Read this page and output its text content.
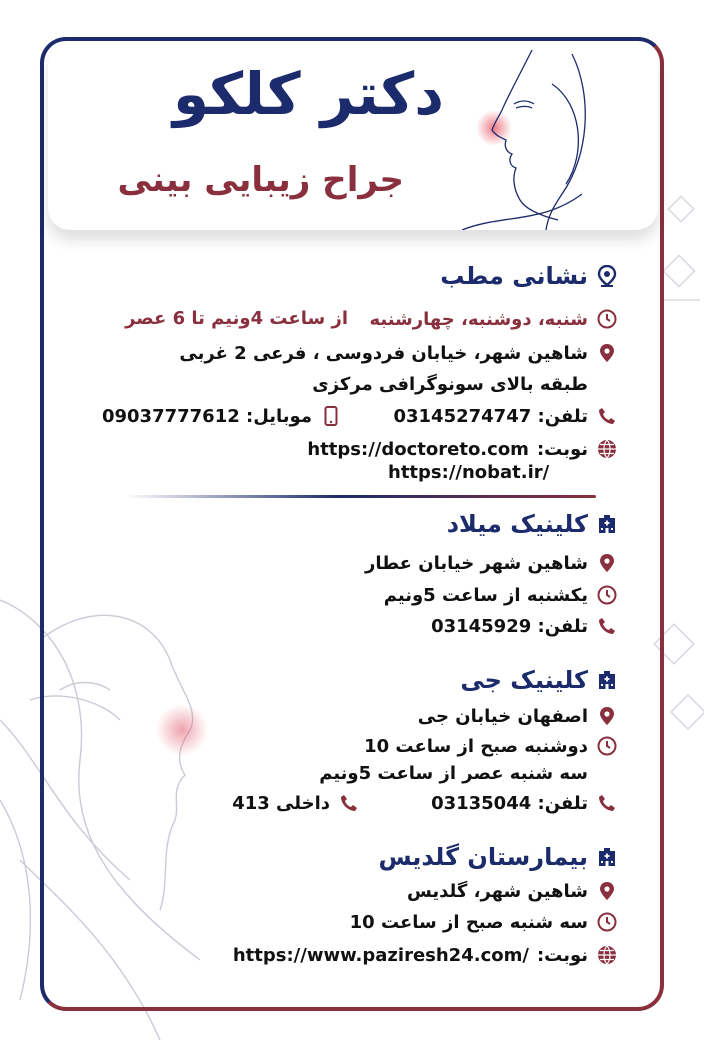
دکتر کلکو
جراح زیبایی بینی
نشانی مطب
شنبه، دوشنبه، چهارشنبه
از ساعت 4ونیم تا 6 عصر
شاهین شهر، خیابان فردوسی ، فرعی 2 غربی
طبقه بالای سونوگرافی مرکزی
تلفن: 03145274747
موبایل: 09037777612
نوبت:
https://doctoreto.com
https://nobat.ir/
کلینیک میلاد
شاهین شهر خیابان عطار
یکشنبه از ساعت 5ونیم
تلفن: 03145929
کلینیک جی
اصفهان خیابان جی
دوشنبه صبح از ساعت 10
سه شنبه عصر از ساعت 5ونیم
تلفن: 03135044
داخلی 413
بیمارستان گلدیس
شاهین شهر، گلدیس
سه شنبه صبح از ساعت 10
نوبت:
https://www.paziresh24.com/
